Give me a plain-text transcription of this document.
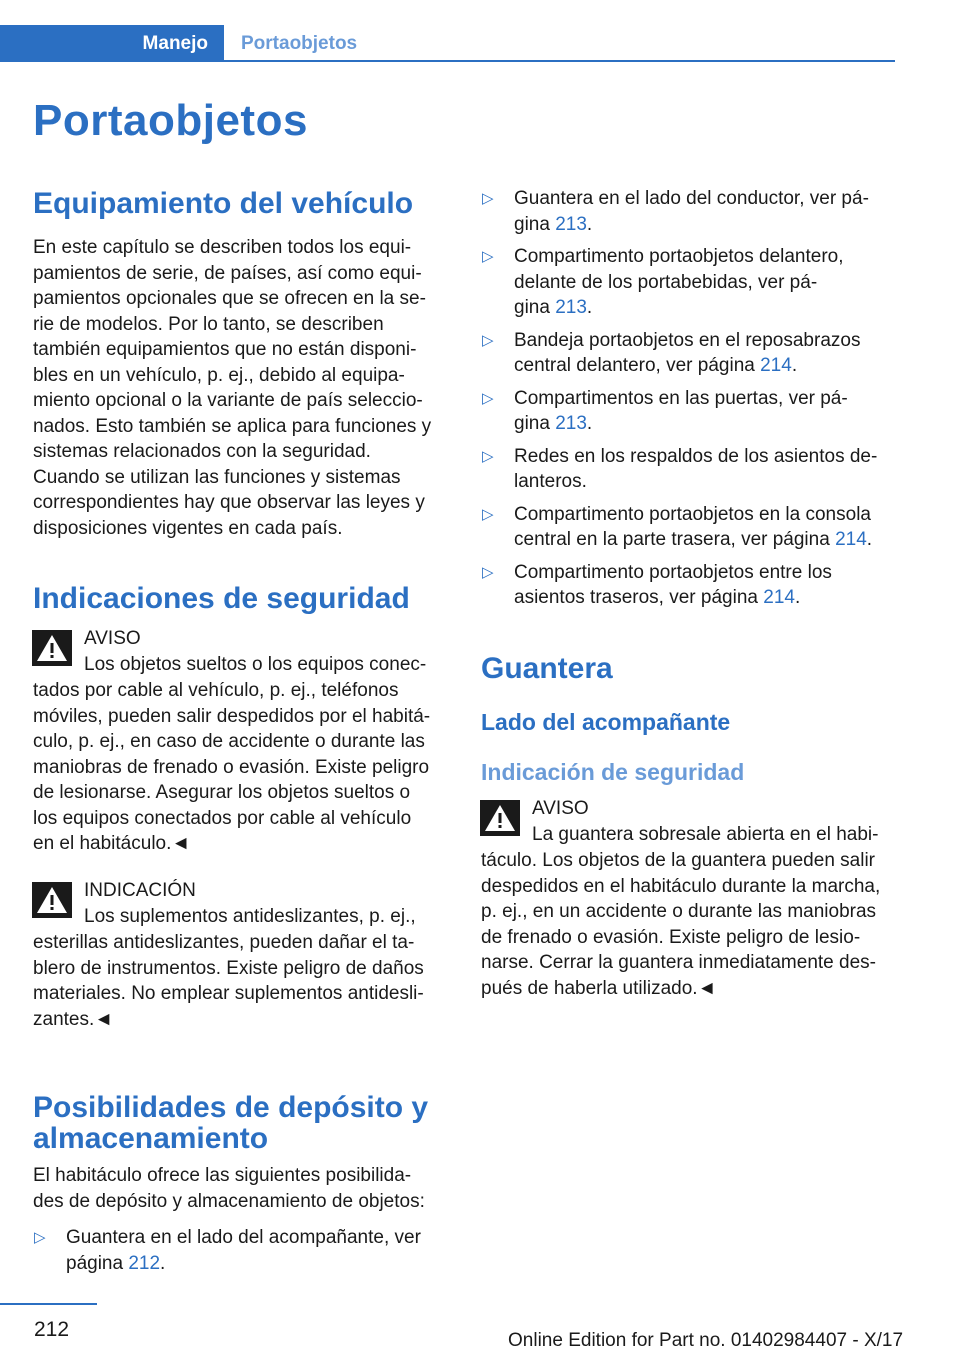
Manejo Portaobjetos
Portaobjetos
Equipamiento del vehículo
En este capítulo se describen todos los equi-
pamientos de serie, de países, así como equi-
pamientos opcionales que se ofrecen en la se-
rie de modelos. Por lo tanto, se describen
también equipamientos que no están disponi-
bles en un vehículo, p. ej., debido al equipa-
miento opcional o la variante de país seleccio-
nados. Esto también se aplica para funciones y
sistemas relacionados con la seguridad.
Cuando se utilizan las funciones y sistemas
correspondientes hay que observar las leyes y
disposiciones vigentes en cada país.
Indicaciones de seguridad
AVISO
Los objetos sueltos o los equipos conec-
tados por cable al vehículo, p. ej., teléfonos
móviles, pueden salir despedidos por el habitá-
culo, p. ej., en caso de accidente o durante las
maniobras de frenado o evasión. Existe peligro
de lesionarse. Asegurar los objetos sueltos o
los equipos conectados por cable al vehículo
en el habitáculo.◄
INDICACIÓN
Los suplementos antideslizantes, p. ej.,
esterillas antideslizantes, pueden dañar el ta-
blero de instrumentos. Existe peligro de daños
materiales. No emplear suplementos antidesli-
zantes.◄
Posibilidades de depósito y
almacenamiento
El habitáculo ofrece las siguientes posibilida-
des de depósito y almacenamiento de objetos:
▷ Guantera en el lado del acompañante, ver
página 212.
▷ Guantera en el lado del conductor, ver pá-
gina 213.
▷ Compartimento portaobjetos delantero,
delante de los portabebidas, ver pá-
gina 213.
▷ Bandeja portaobjetos en el reposabrazos
central delantero, ver página 214.
▷ Compartimentos en las puertas, ver pá-
gina 213.
▷ Redes en los respaldos de los asientos de-
lanteros.
▷ Compartimento portaobjetos en la consola
central en la parte trasera, ver página 214.
▷ Compartimento portaobjetos entre los
asientos traseros, ver página 214.
Guantera
Lado del acompañante
Indicación de seguridad
AVISO
La guantera sobresale abierta en el habi-
táculo. Los objetos de la guantera pueden salir
despedidos en el habitáculo durante la marcha,
p. ej., en un accidente o durante las maniobras
de frenado o evasión. Existe peligro de lesio-
narse. Cerrar la guantera inmediatamente des-
pués de haberla utilizado.◄
212	Online Edition for Part no. 01402984407 - X/17
